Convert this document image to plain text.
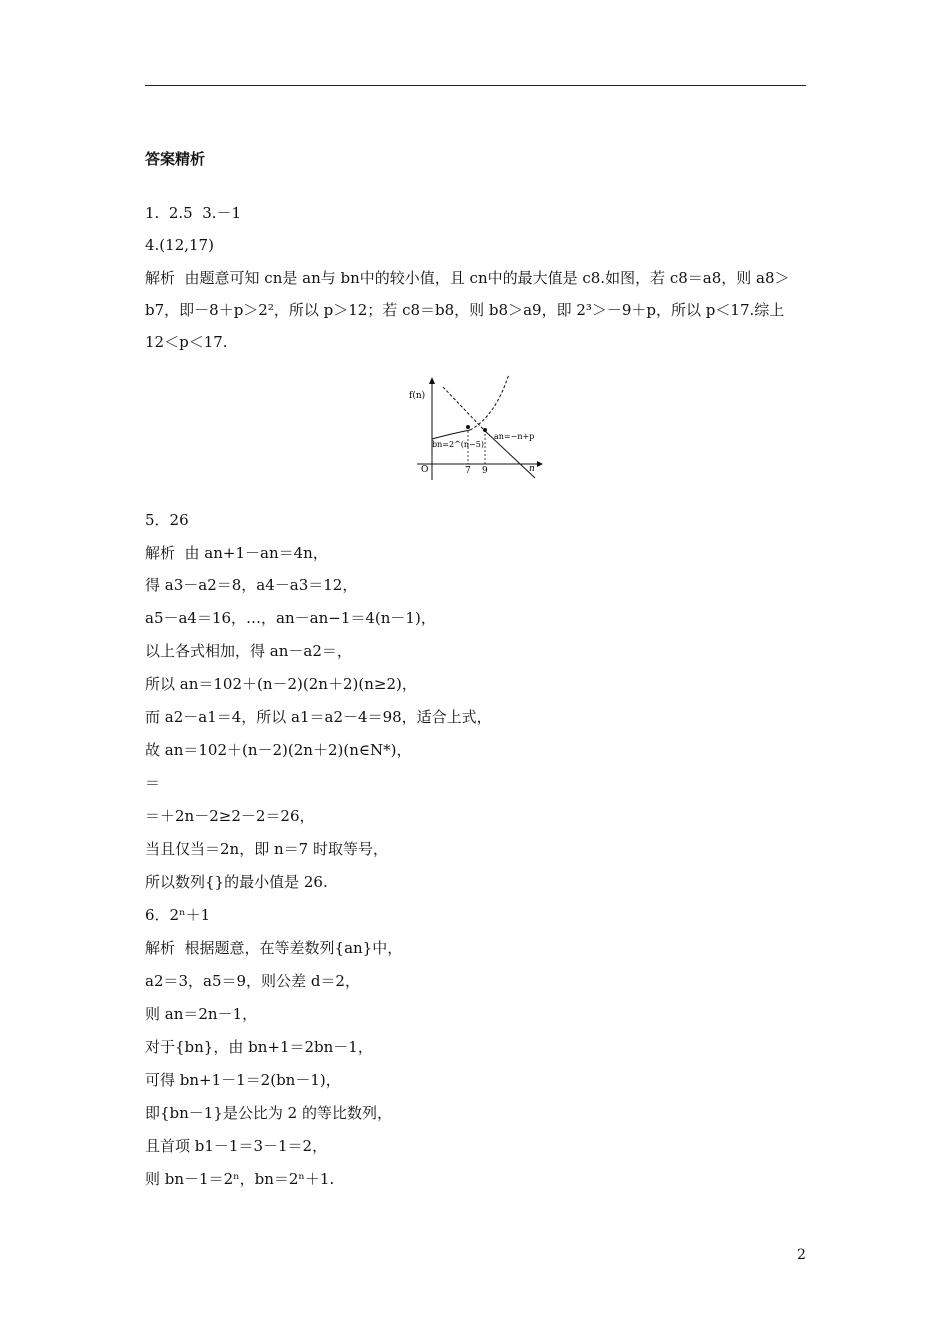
答案精析
1.  2.5  3.－1
4.(12,17)
解析  由题意可知 cn是 an与 bn中的较小值，且 cn中的最大值是 c8.如图，若 c8＝a8，则 a8＞b7，即－8＋p＞2²，所以 p＞12；若 c8＝b8，则 b8＞a9，即 2³＞－9＋p，所以 p＜17.综上 12＜p＜17.
f(n)
O	n
7 9
bn=2^(n−5)
an=−n+p
5．26
解析  由 an+1－an＝4n，
得 a3－a2＝8，a4－a3＝12，
a5－a4＝16，…，an－an−1＝4(n－1)，
以上各式相加，得 an－a2＝，
所以 an＝102＋(n－2)(2n＋2)(n≥2)，
而 a2－a1＝4，所以 a1＝a2－4＝98，适合上式，
故 an＝102＋(n－2)(2n＋2)(n∈N*)，
＝
＝＋2n－2≥2－2＝26，
当且仅当＝2n，即 n＝7 时取等号，
所以数列{}的最小值是 26.
6．2ⁿ＋1
解析  根据题意，在等差数列{an}中，
a2＝3，a5＝9，则公差 d＝2，
则 an＝2n－1，
对于{bn}，由 bn+1＝2bn－1，
可得 bn+1－1＝2(bn－1)，
即{bn－1}是公比为 2 的等比数列，
且首项 b1－1＝3－1＝2，
则 bn－1＝2ⁿ，bn＝2ⁿ＋1.
2
